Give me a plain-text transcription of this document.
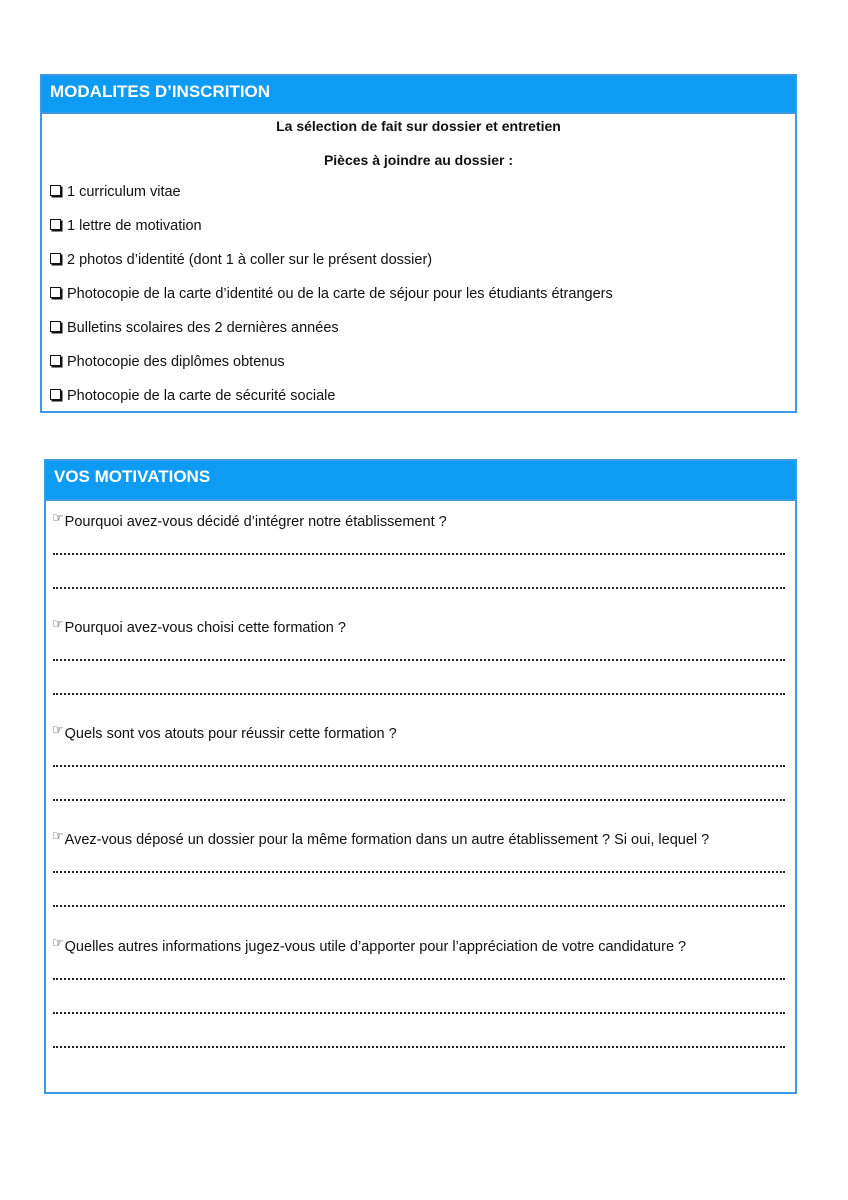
MODALITES D’INSCRITION
La sélection de fait sur dossier et entretien
Pièces à joindre au dossier :
1 curriculum vitae
1 lettre de motivation
2 photos d’identité (dont 1 à coller sur le présent dossier)
Photocopie de la carte d’identité ou de la carte de séjour pour les étudiants étrangers
Bulletins scolaires des 2 dernières années
Photocopie des diplômes obtenus
Photocopie de la carte de sécurité sociale
VOS MOTIVATIONS
☞Pourquoi avez-vous décidé d’intégrer notre établissement ?
☞Pourquoi avez-vous choisi cette formation ?
☞Quels sont vos atouts pour réussir cette formation ?
☞Avez-vous déposé un dossier pour la même formation dans un autre établissement ? Si oui, lequel ?
☞Quelles autres informations jugez-vous utile d’apporter pour l’appréciation de votre candidature ?
